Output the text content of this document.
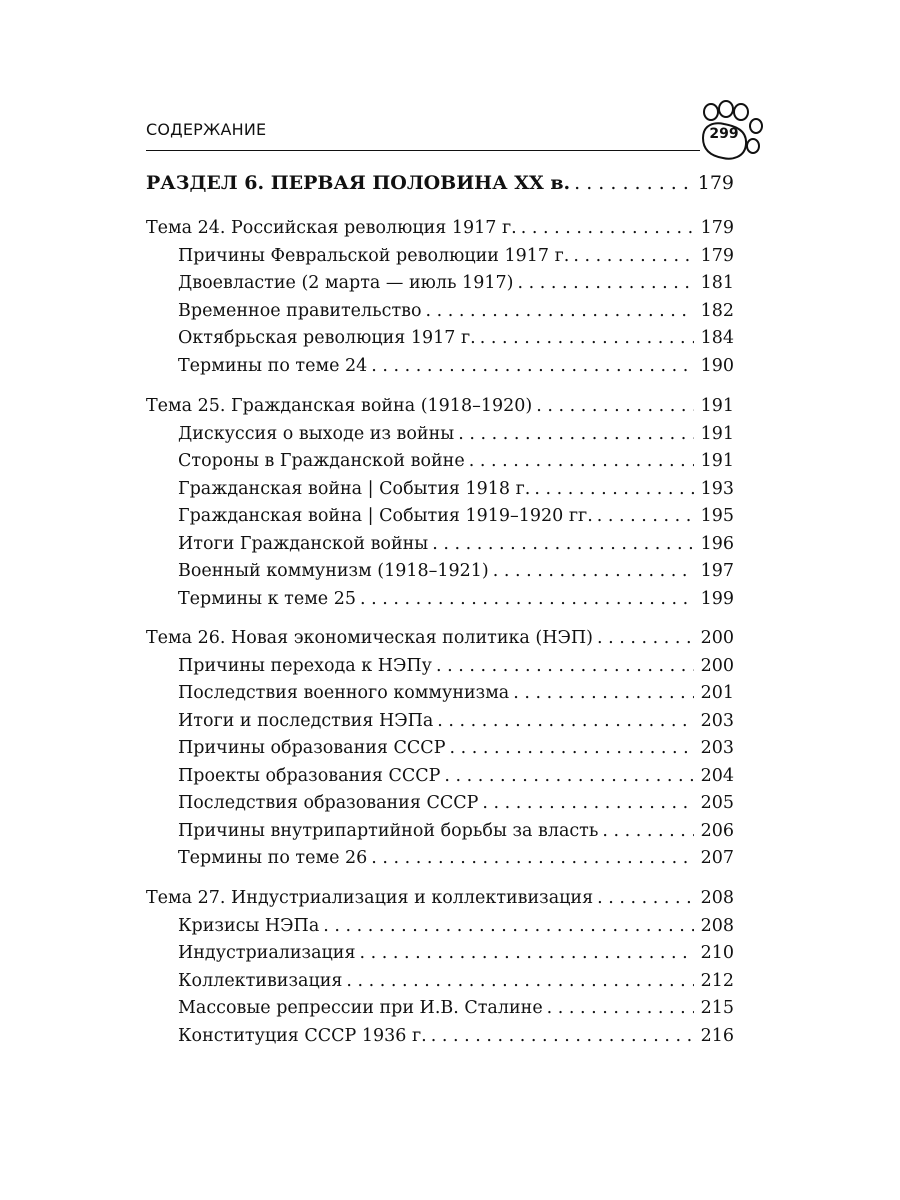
СОДЕРЖАНИЕ	299
РАЗДЕЛ 6. ПЕРВАЯ ПОЛОВИНА XX в. . . .	179
Тема 24. Российская революция 1917 г. . . .	179
Причины Февральской революции 1917 г. . . .	179
Двоевластие (2 марта — июль 1917) . . .	181
Временное правительство . . .	182
Октябрьская революция 1917 г. . . .	184
Термины по теме 24 . . .	190
Тема 25. Гражданская война (1918–1920) . . .	191
Дискуссия о выходе из войны . . .	191
Стороны в Гражданской войне . . .	191
Гражданская война | События 1918 г. . . .	193
Гражданская война | События 1919–1920 гг. . . .	195
Итоги Гражданской войны . . .	196
Военный коммунизм (1918–1921) . . .	197
Термины к теме 25 . . .	199
Тема 26. Новая экономическая политика (НЭП) . . .	200
Причины перехода к НЭПу . . .	200
Последствия военного коммунизма . . .	201
Итоги и последствия НЭПа . . .	203
Причины образования СССР . . .	203
Проекты образования СССР . . .	204
Последствия образования СССР . . .	205
Причины внутрипартийной борьбы за власть . . .	206
Термины по теме 26 . . .	207
Тема 27. Индустриализация и коллективизация . . .	208
Кризисы НЭПа . . .	208
Индустриализация . . .	210
Коллективизация . . .	212
Массовые репрессии при И.В. Сталине . . .	215
Конституция СССР 1936 г. . . .	216
